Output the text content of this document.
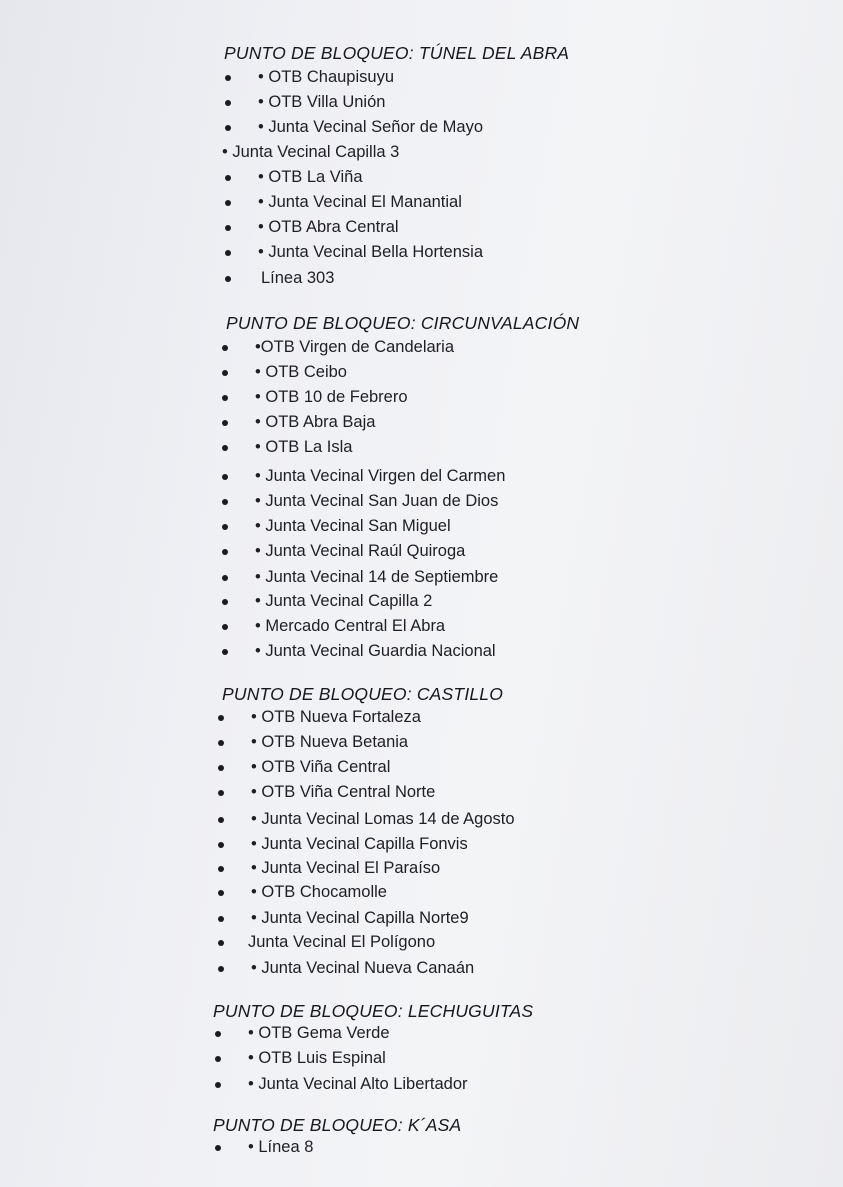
PUNTO DE BLOQUEO: TÚNEL DEL ABRA
• OTB Chaupisuyu
• OTB Villa Unión
• Junta Vecinal Señor de Mayo
• Junta Vecinal Capilla 3
• OTB La Viña
• Junta Vecinal El Manantial
• OTB Abra Central
• Junta Vecinal Bella Hortensia
Línea 303
PUNTO DE BLOQUEO: CIRCUNVALACIÓN
•OTB Virgen de Candelaria
• OTB Ceibo
• OTB 10 de Febrero
• OTB Abra Baja
• OTB La Isla
• Junta Vecinal Virgen del Carmen
• Junta Vecinal San Juan de Dios
• Junta Vecinal San Miguel
• Junta Vecinal Raúl Quiroga
• Junta Vecinal 14 de Septiembre
• Junta Vecinal Capilla 2
• Mercado Central El Abra
• Junta Vecinal Guardia Nacional
PUNTO DE BLOQUEO: CASTILLO
• OTB Nueva Fortaleza
• OTB Nueva Betania
• OTB Viña Central
• OTB Viña Central Norte
• Junta Vecinal Lomas 14 de Agosto
• Junta Vecinal Capilla Fonvis
• Junta Vecinal El Paraíso
• OTB Chocamolle
• Junta Vecinal Capilla Norte9
Junta Vecinal El Polígono
• Junta Vecinal Nueva Canaán
PUNTO DE BLOQUEO: LECHUGUITAS
• OTB Gema Verde
• OTB Luis Espinal
• Junta Vecinal Alto Libertador
PUNTO DE BLOQUEO: K´ASA
• Línea 8
